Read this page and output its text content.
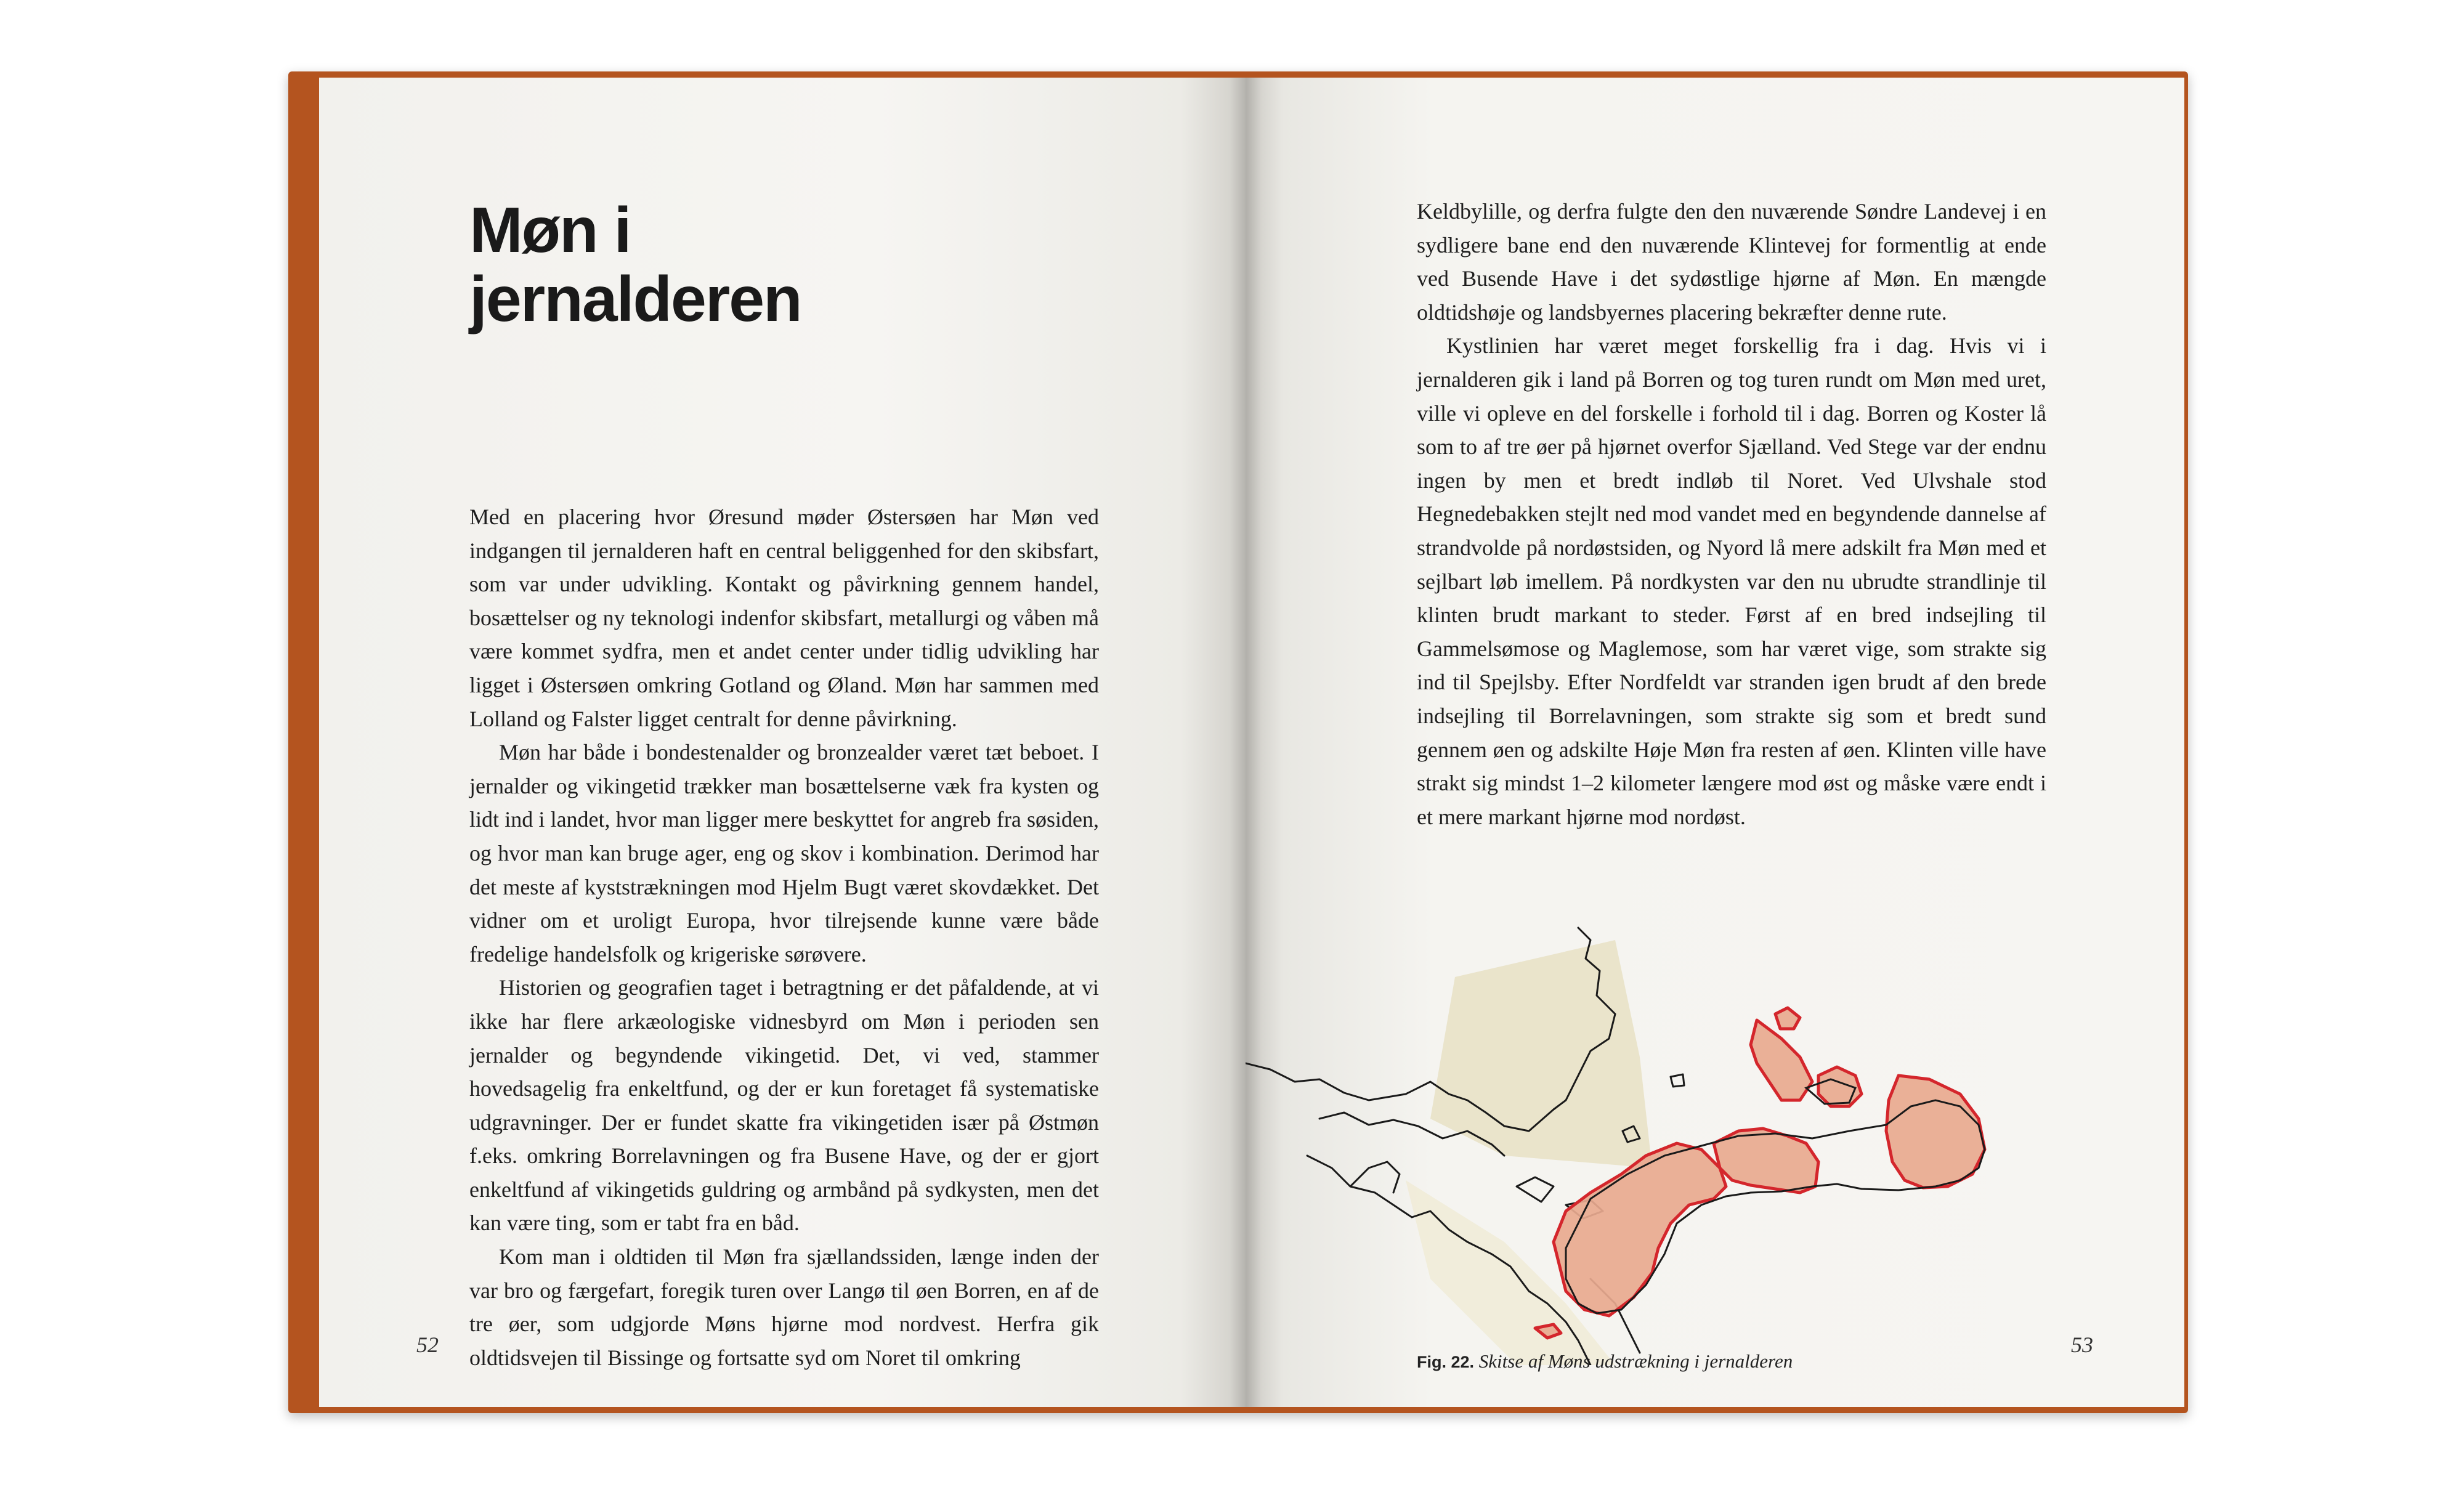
Møn i
jernalderen

Med en placering hvor Øresund møder Østersøen har Møn ved indgangen til jernalderen haft en central beliggenhed for den skibsfart, som var under udvikling. Kontakt og påvirkning gennem handel, bosættelser og ny teknologi indenfor skibsfart, metallurgi og våben må være kommet sydfra, men et andet center under tidlig udvikling har ligget i Østersøen omkring Gotland og Øland. Møn har sammen med Lolland og Falster ligget centralt for denne påvirkning.

Møn har både i bondestenalder og bronzealder været tæt beboet. I jernalder og vikingetid trækker man bosættelserne væk fra kysten og lidt ind i landet, hvor man ligger mere beskyttet for angreb fra søsiden, og hvor man kan bruge ager, eng og skov i kombination. Derimod har det meste af kyststrækningen mod Hjelm Bugt været skovdækket. Det vidner om et uroligt Europa, hvor tilrejsende kunne være både fredelige handelsfolk og krigeriske sørøvere.

Historien og geografien taget i betragtning er det påfaldende, at vi ikke har flere arkæologiske vidnesbyrd om Møn i perioden sen jernalder og begyndende vikingetid. Det, vi ved, stammer hovedsagelig fra enkeltfund, og der er kun foretaget få systematiske udgravninger. Der er fundet skatte fra vikingetiden især på Østmøn f.eks. omkring Borrelavningen og fra Busene Have, og der er gjort enkeltfund af vikingetids guldring og armbånd på sydkysten, men det kan være ting, som er tabt fra en båd.

Kom man i oldtiden til Møn fra sjællandssiden, længe inden der var bro og færgefart, foregik turen over Langø til øen Borren, en af de tre øer, som udgjorde Møns hjørne mod nordvest. Herfra gik oldtidsvejen til Bissinge og fortsatte syd om Noret til omkring

52

Keldbylille, og derfra fulgte den den nuværende Søndre Landevej i en sydligere bane end den nuværende Klintevej for formentlig at ende ved Busende Have i det sydøstlige hjørne af Møn. En mængde oldtidshøje og landsbyernes placering bekræfter denne rute.

Kystlinien har været meget forskellig fra i dag. Hvis vi i jernalderen gik i land på Borren og tog turen rundt om Møn med uret, ville vi opleve en del forskelle i forhold til i dag. Borren og Koster lå som to af tre øer på hjørnet overfor Sjælland. Ved Stege var der endnu ingen by men et bredt indløb til Noret. Ved Ulvshale stod Hegnedebakken stejlt ned mod vandet med en begyndende dannelse af strandvolde på nordøstsiden, og Nyord lå mere adskilt fra Møn med et sejlbart løb imellem. På nordkysten var den nu ubrudte strandlinje til klinten brudt markant to steder. Først af en bred indsejling til Gammelsømose og Maglemose, som har været vige, som strakte sig ind til Spejlsby. Efter Nordfeldt var stranden igen brudt af den brede indsejling til Borrelavningen, som strakte sig som et bredt sund gennem øen og adskilte Høje Møn fra resten af øen. Klinten ville have strakt sig mindst 1–2 kilometer længere mod øst og måske være endt i et mere markant hjørne mod nordøst.

Fig. 22. Skitse af Møns udstrækning i jernalderen
53
